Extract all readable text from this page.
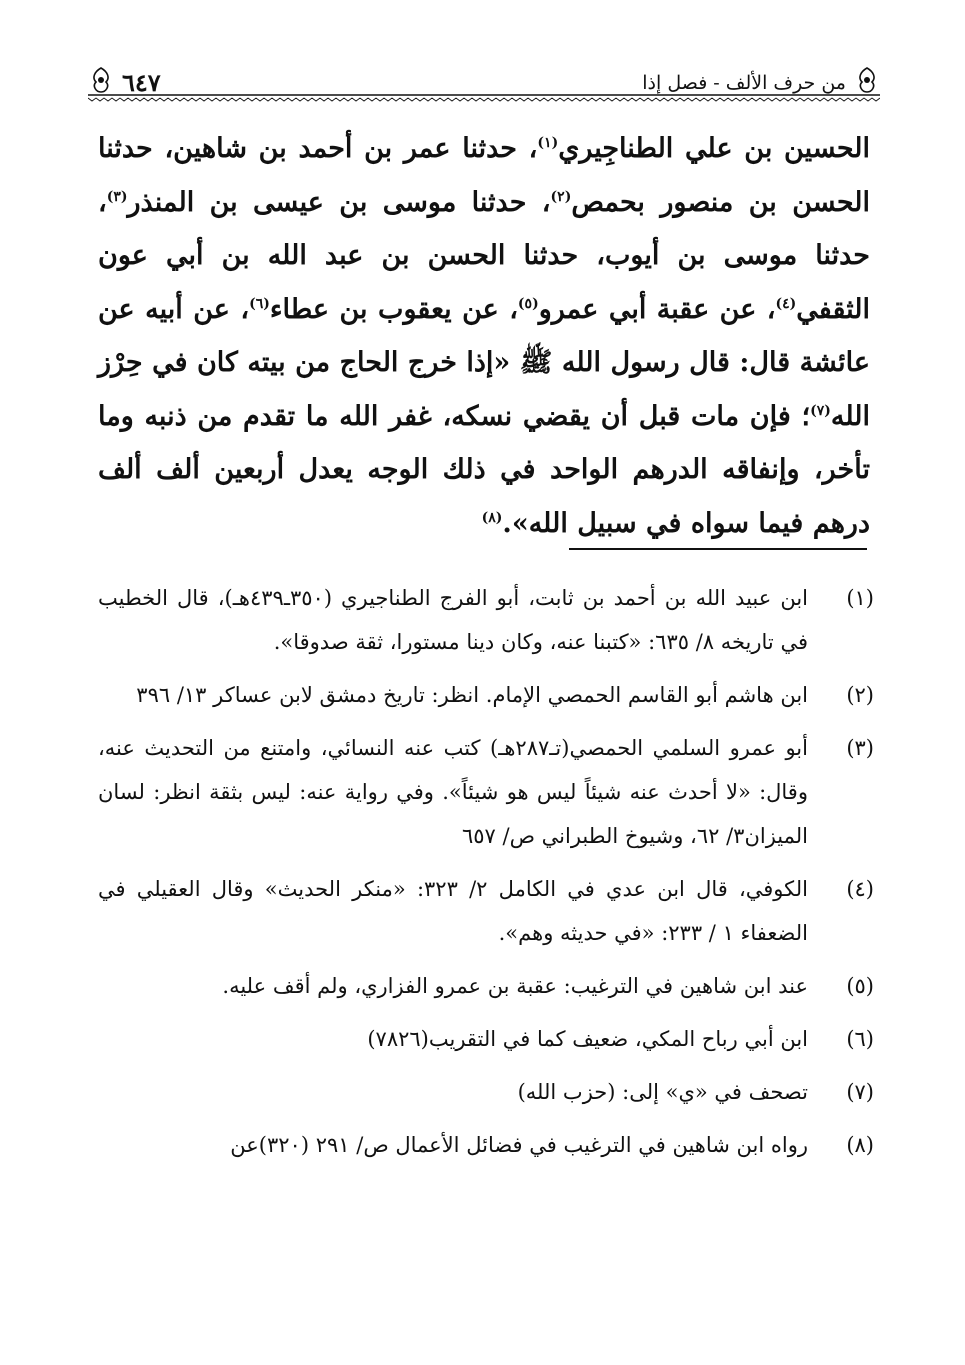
من حرف الألف - فصل إذا
٦٤٧

الحسين بن علي الطناجِيري$^{(١)}$، حدثنا عمر بن أحمد بن شاهين، حدثنا الحسن بن منصور بحمص$^{(٢)}$، حدثنا موسى بن عيسى بن المنذر$^{(٣)}$، حدثنا موسى بن أيوب، حدثنا الحسن بن عبد الله بن أبي عون الثقفي$^{(٤)}$، عن عقبة أبي عمرو$^{(٥)}$، عن يعقوب بن عطاء$^{(٦)}$، عن أبيه عن عائشة قال: قال رسول الله ﷺ «إذا خرج الحاج من بيته كان في حِرْز الله$^{(٧)}$؛ فإن مات قبل أن يقضي نسكه، غفر الله ما تقدم من ذنبه وما تأخر، وإنفاقه الدرهم الواحد في ذلك الوجه يعدل أربعين ألف ألف درهم فيما سواه في سبيل الله».$^{(٨)}$

(١)
ابن عبيد الله بن أحمد بن ثابت، أبو الفرج الطناجيري (٣٥٠ـ٤٣٩هـ)، قال الخطيب في تاريخه ٨/ ٦٣٥: «كتبنا عنه، وكان دينا مستورا، ثقة صدوقا».
(٢)
ابن هاشم أبو القاسم الحمصي الإمام. انظر: تاريخ دمشق لابن عساكر ١٣/ ٣٩٦
(٣)
أبو عمرو السلمي الحمصي(تـ٢٨٧هـ) كتب عنه النسائي، وامتنع من التحديث عنه، وقال: «لا أحدث عنه شيئاً ليس هو شيئاً». وفي رواية عنه: ليس بثقة انظر: لسان الميزان٣/ ٦٢، وشيوخ الطبراني ص/ ٦٥٧
(٤)
الكوفي، قال ابن عدي في الكامل ٢/ ٣٢٣: «منكر الحديث» وقال العقيلي في الضعفاء ١ / ٢٣٣: «في حديثه وهم».
(٥)
عند ابن شاهين في الترغيب: عقبة بن عمرو الفزاري، ولم أقف عليه.
(٦)
ابن أبي رباح المكي، ضعيف كما في التقريب(٧٨٢٦)
(٧)
تصحف في «ي» إلى: (حزب الله)
(٨)
رواه ابن شاهين في الترغيب في فضائل الأعمال ص/ ٢٩١ (٣٢٠)عن
